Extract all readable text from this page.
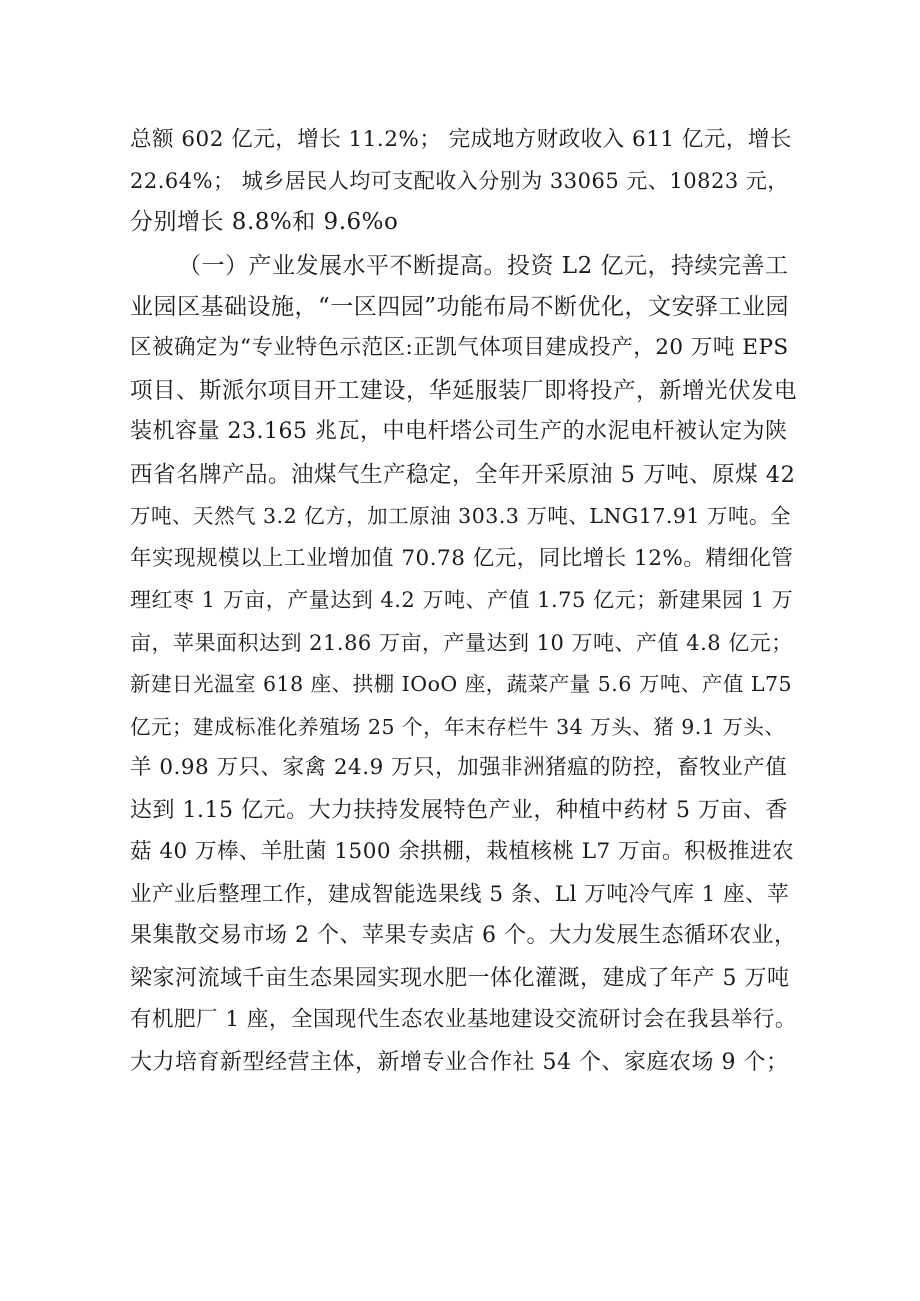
总额 602 亿元，增长 11.2%； 完成地方财政收入 611 亿元，增长
22.64%； 城乡居民人均可支配收入分别为 33065 元、10823 元，
分别增长 8.8%和 9.6%o
（一）产业发展水平不断提高。投资 L2 亿元，持续完善工
业园区基础设施，“一区四园”功能布局不断优化，文安驿工业园
区被确定为“专业特色示范区:正凯气体项目建成投产，20 万吨 EPS
项目、斯派尔项目开工建设，华延服装厂即将投产，新增光伏发电
装机容量 23.165 兆瓦，中电杆塔公司生产的水泥电杆被认定为陕
西省名牌产品。油煤气生产稳定，全年开采原油 5 万吨、原煤 42
万吨、天然气 3.2 亿方，加工原油 303.3 万吨、LNG17.91 万吨。全
年实现规模以上工业增加值 70.78 亿元，同比增长 12%。精细化管
理红枣 1 万亩，产量达到 4.2 万吨、产值 1.75 亿元；新建果园 1 万
亩，苹果面积达到 21.86 万亩，产量达到 10 万吨、产值 4.8 亿元；
新建日光温室 618 座、拱棚 IOoO 座，蔬菜产量 5.6 万吨、产值 L75
亿元；建成标准化养殖场 25 个，年末存栏牛 34 万头、猪 9.1 万头、
羊 0.98 万只、家禽 24.9 万只，加强非洲猪瘟的防控，畜牧业产值
达到 1.15 亿元。大力扶持发展特色产业，种植中药材 5 万亩、香
菇 40 万棒、羊肚菌 1500 余拱棚，栽植核桃 L7 万亩。积极推进农
业产业后整理工作，建成智能选果线 5 条、Ll 万吨冷气库 1 座、苹
果集散交易市场 2 个、苹果专卖店 6 个。大力发展生态循环农业，
梁家河流域千亩生态果园实现水肥一体化灌溉，建成了年产 5 万吨
有机肥厂 1 座，全国现代生态农业基地建设交流研讨会在我县举行。
大力培育新型经营主体，新增专业合作社 54 个、家庭农场 9 个；
